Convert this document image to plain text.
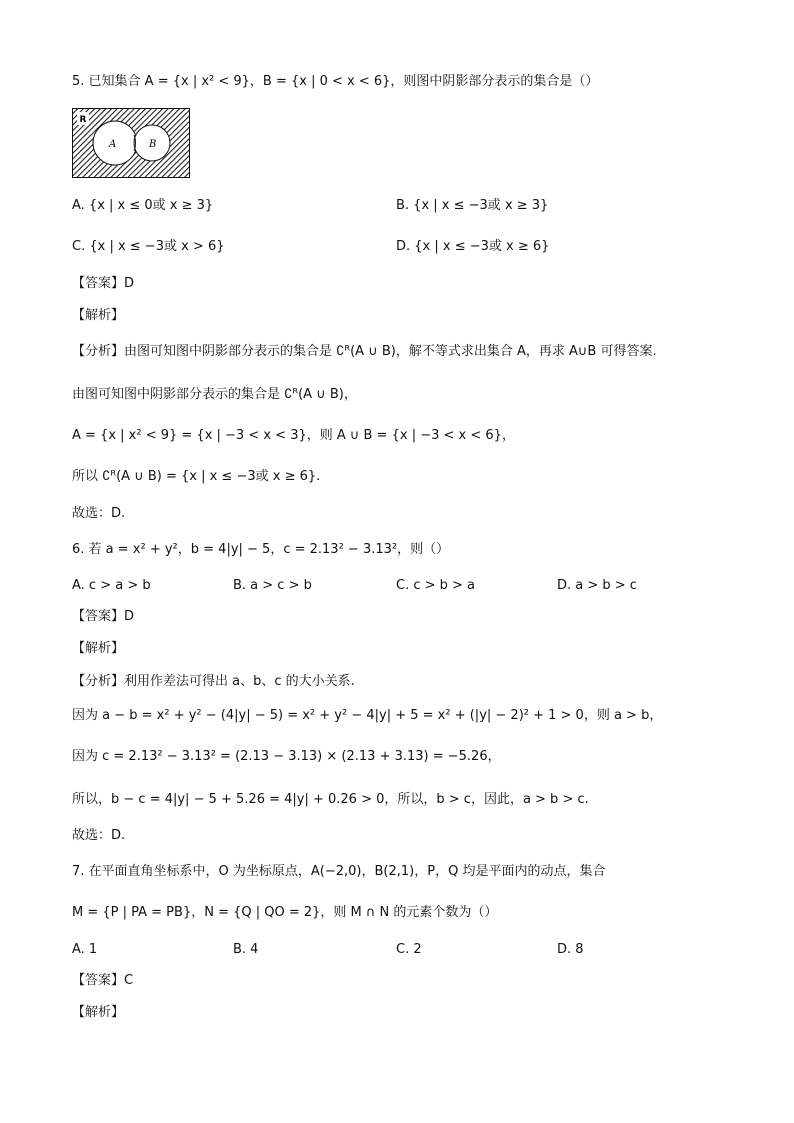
5. 已知集合 A = {x | x² < 9}，B = {x | 0 < x < 6}，则图中阴影部分表示的集合是（）
R
A	B
A. {x | x ≤ 0或 x ≥ 3}	B. {x | x ≤ −3或 x ≥ 3}
C. {x | x ≤ −3或 x > 6}	D. {x | x ≤ −3或 x ≥ 6}
【答案】D
【解析】
【分析】由图可知图中阴影部分表示的集合是 ∁ᴿ(A ∪ B)，解不等式求出集合 A，再求 A∪B 可得答案.
由图可知图中阴影部分表示的集合是 ∁ᴿ(A ∪ B)，
A = {x | x² < 9} = {x | −3 < x < 3}，则 A ∪ B = {x | −3 < x < 6}，
所以 ∁ᴿ(A ∪ B) = {x | x ≤ −3或 x ≥ 6}.
故选：D.
6. 若 a = x² + y²，b = 4|y| − 5，c = 2.13² − 3.13²，则（）
A. c > a > b	B. a > c > b	C. c > b > a	D. a > b > c
【答案】D
【解析】
【分析】利用作差法可得出 a、b、c 的大小关系.
因为 a − b = x² + y² − (4|y| − 5) = x² + y² − 4|y| + 5 = x² + (|y| − 2)² + 1 > 0，则 a > b，
因为 c = 2.13² − 3.13² = (2.13 − 3.13) × (2.13 + 3.13) = −5.26，
所以，b − c = 4|y| − 5 + 5.26 = 4|y| + 0.26 > 0，所以，b > c，因此，a > b > c.
故选：D.
7. 在平面直角坐标系中，O 为坐标原点，A(−2,0)，B(2,1)，P，Q 均是平面内的动点，集合
M = {P | PA = PB}，N = {Q | QO = 2}，则 M ∩ N 的元素个数为（）
A. 1	B. 4	C. 2	D. 8
【答案】C
【解析】
